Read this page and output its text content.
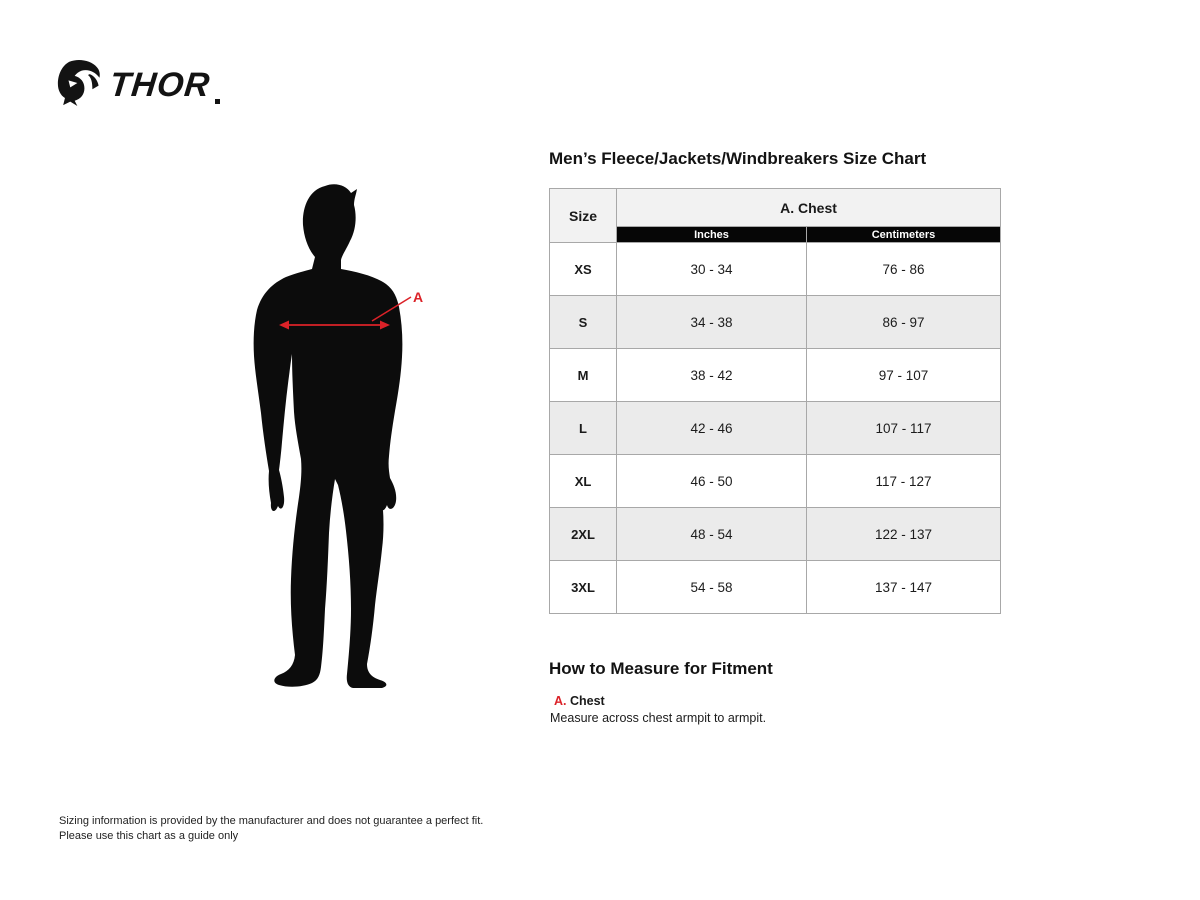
THOR
A
Men’s Fleece/Jackets/Windbreakers Size Chart
Size	A. Chest	
	Inches	Centimeters
XS	30 - 34	76 - 86
S	34 - 38	86 - 97
M	38 - 42	97 - 107
L	42 - 46	107 - 117
XL	46 - 50	117 - 127
2XL	48 - 54	122 - 137
3XL	54 - 58	137 - 147
How to Measure for Fitment
A. Chest
Measure across chest armpit to armpit.
Sizing information is provided by the manufacturer and does not guarantee a perfect fit.
Please use this chart as a guide only
